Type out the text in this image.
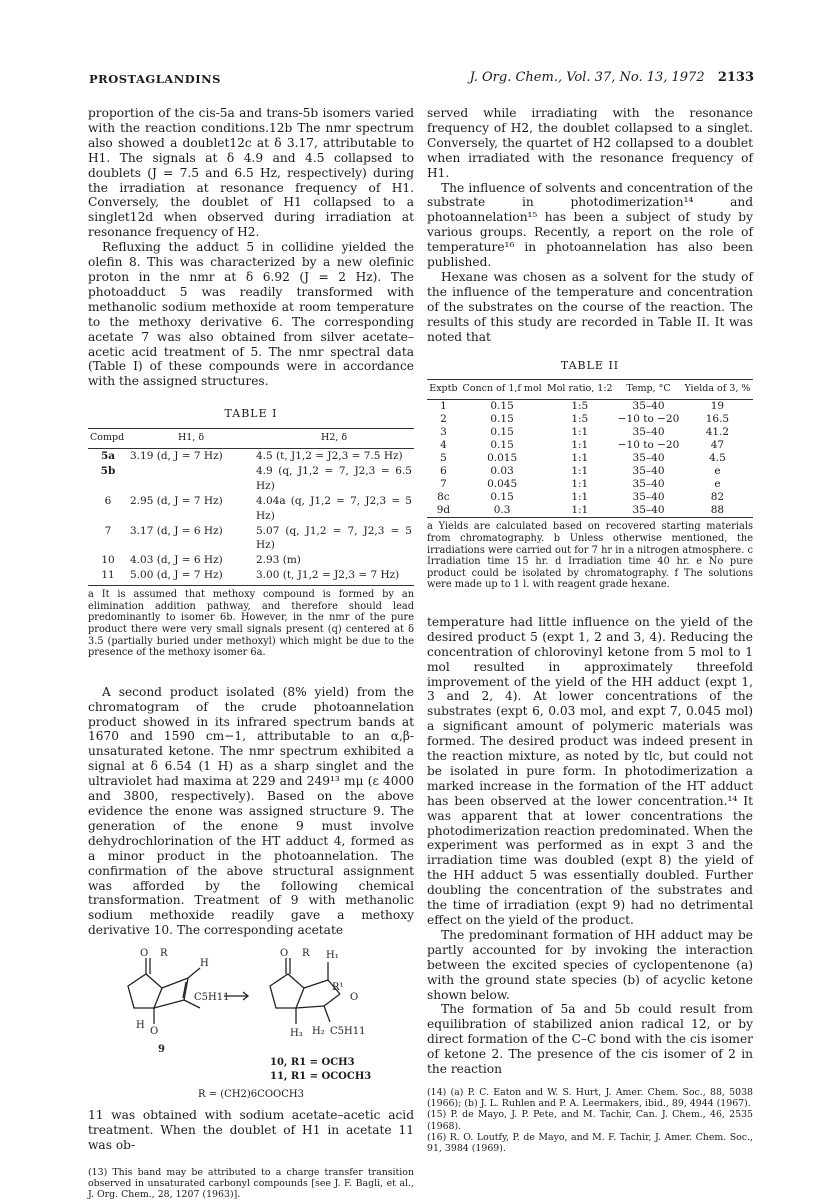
PROSTAGLANDINS	J. Org. Chem., Vol. 37, No. 13, 1972 2133

proportion of the cis-5a and trans-5b isomers varied with the reaction conditions.12b The nmr spectrum also showed a doublet12c at δ 3.17, attributable to H1. The signals at δ 4.9 and 4.5 collapsed to doublets (J = 7.5 and 6.5 Hz, respectively) during the irradiation at resonance frequency of H1. Conversely, the doublet of H1 collapsed to a singlet12d when observed during irradiation at resonance frequency of H2.

Refluxing the adduct 5 in collidine yielded the olefin 8. This was characterized by a new olefinic proton in the nmr at δ 6.92 (J = 2 Hz). The photoadduct 5 was readily transformed with methanolic sodium methoxide at room temperature to the methoxy derivative 6. The corresponding acetate 7 was also obtained from silver acetate–acetic acid treatment of 5. The nmr spectral data (Table I) of these compounds were in accordance with the assigned structures.

TABLE I
Compd	H1, δ	H2, δ
5a	3.19 (d, J = 7 Hz)	4.5 (t, J1,2 = J2,3 = 7.5 Hz)
5b		4.9 (q, J1,2 = 7, J2,3 = 6.5 Hz)
6	2.95 (d, J = 7 Hz)	4.04a (q, J1,2 = 7, J2,3 = 5 Hz)
7	3.17 (d, J = 6 Hz)	5.07 (q, J1,2 = 7, J2,3 = 5 Hz)
10	4.03 (d, J = 6 Hz)	2.93 (m)
11	5.00 (d, J = 7 Hz)	3.00 (t, J1,2 = J2,3 = 7 Hz)
a It is assumed that methoxy compound is formed by an elimination addition pathway, and therefore should lead predominantly to isomer 6b. However, in the nmr of the pure product there were very small signals present (q) centered at δ 3.5 (partially buried under methoxyl) which might be due to the presence of the methoxy isomer 6a.

A second product isolated (8% yield) from the chromatogram of the crude photoannelation product showed in its infrared spectrum bands at 1670 and 1590 cm−1, attributable to an α,β-unsaturated ketone. The nmr spectrum exhibited a signal at δ 6.54 (1 H) as a sharp singlet and the ultraviolet had maxima at 229 and 249¹³ mμ (ε 4000 and 3800, respectively). Based on the above evidence the enone was assigned structure 9. The generation of the enone 9 must involve dehydrochlorination of the HT adduct 4, formed as a minor product in the photoannelation. The confirmation of the above structural assignment was afforded by the following chemical transformation. Treatment of 9 with methanolic sodium methoxide readily gave a methoxy derivative 10. The corresponding acetate

O R
H
C5H11
H
O
9
O R H₁
R¹
O
H₃ H₂ C5H11
10, R1 = OCH3
11, R1 = OCOCH3
R = (CH2)6COOCH3

11 was obtained with sodium acetate–acetic acid treatment. When the doublet of H1 in acetate 11 was ob-

(13) This band may be attributed to a charge transfer transition observed in unsaturated carbonyl compounds [see J. F. Bagli, et al., J. Org. Chem., 28, 1207 (1963)].

served while irradiating with the resonance frequency of H2, the doublet collapsed to a singlet. Conversely, the quartet of H2 collapsed to a doublet when irradiated with the resonance frequency of H1.

The influence of solvents and concentration of the substrate in photodimerization¹⁴ and photoannelation¹⁵ has been a subject of study by various groups. Recently, a report on the role of temperature¹⁶ in photoannelation has also been published.

Hexane was chosen as a solvent for the study of the influence of the temperature and concentration of the substrates on the course of the reaction. The results of this study are recorded in Table II. It was noted that

TABLE II
Exptb	Concn of 1,f mol	Mol ratio, 1:2	Temp, °C	Yielda of 3, %
1	0.15	1:5	35–40	19
2	0.15	1:5	−10 to −20	16.5
3	0.15	1:1	35–40	41.2
4	0.15	1:1	−10 to −20	47
5	0.015	1:1	35–40	4.5
6	0.03	1:1	35–40	e
7	0.045	1:1	35–40	e
8c	0.15	1:1	35–40	82
9d	0.3	1:1	35–40	88
a Yields are calculated based on recovered starting materials from chromatography. b Unless otherwise mentioned, the irradiations were carried out for 7 hr in a nitrogen atmosphere. c Irradiation time 15 hr. d Irradiation time 40 hr. e No pure product could be isolated by chromatography. f The solutions were made up to 1 l. with reagent grade hexane.

temperature had little influence on the yield of the desired product 5 (expt 1, 2 and 3, 4). Reducing the concentration of chlorovinyl ketone from 5 mol to 1 mol resulted in approximately threefold improvement of the yield of the HH adduct (expt 1, 3 and 2, 4). At lower concentrations of the substrates (expt 6, 0.03 mol, and expt 7, 0.045 mol) a significant amount of polymeric materials was formed. The desired product was indeed present in the reaction mixture, as noted by tlc, but could not be isolated in pure form. In photodimerization a marked increase in the formation of the HT adduct has been observed at the lower concentration.¹⁴ It was apparent that at lower concentrations the photodimerization reaction predominated. When the experiment was performed as in expt 3 and the irradiation time was doubled (expt 8) the yield of the HH adduct 5 was essentially doubled. Further doubling the concentration of the substrates and the time of irradiation (expt 9) had no detrimental effect on the yield of the product.

The predominant formation of HH adduct may be partly accounted for by invoking the interaction between the excited species of cyclopentenone (a) with the ground state species (b) of acyclic ketone shown below.

The formation of 5a and 5b could result from equilibration of stabilized anion radical 12, or by direct formation of the C–C bond with the cis isomer of ketone 2. The presence of the cis isomer of 2 in the reaction

(14) (a) P. C. Eaton and W. S. Hurt, J. Amer. Chem. Soc., 88, 5038 (1966); (b) J. L. Ruhlen and P. A. Leermakers, ibid., 89, 4944 (1967).
(15) P. de Mayo, J. P. Pete, and M. Tachir, Can. J. Chem., 46, 2535 (1968).
(16) R. O. Loutfy, P. de Mayo, and M. F. Tachir, J. Amer. Chem. Soc., 91, 3984 (1969).
